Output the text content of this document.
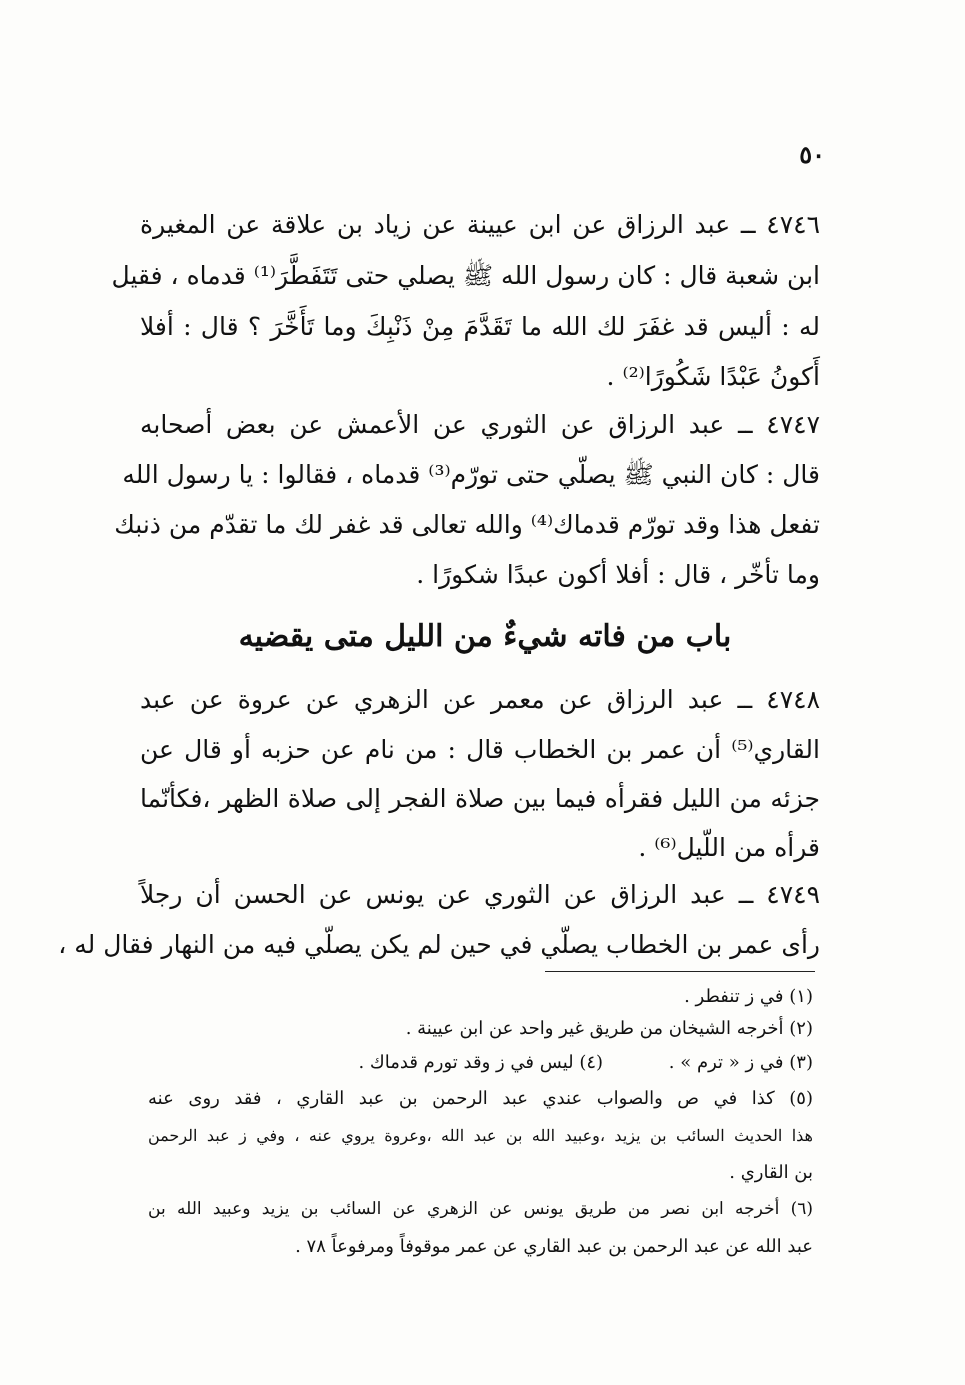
٥٠
٤٧٤٦ ــ عبد الرزاق عن ابن عيينة عن زياد بن علاقة عن المغيرة
ابن شعبة قال : كان رسول الله ﷺ يصلي حتى تَتَفَطَّرَ⁽¹⁾ قدماه ، فقيل
له : أليس قد غفَرَ لك الله ما تَقَدَّمَ مِنْ ذَنْبِكَ وما تَأَخَّرَ ؟ قال : أفلا
أَكونُ عَبْدًا شَكُورًا⁽²⁾ .
٤٧٤٧ ــ عبد الرزاق عن الثوري عن الأعمش عن بعض أصحابه
قال : كان النبي ﷺ يصلّي حتى تورّم⁽³⁾ قدماه ، فقالوا : يا رسول الله
تفعل هذا وقد تورّم قدماك⁽⁴⁾ والله تعالى قد غفر لك ما تقدّم من ذنبك
وما تأخّر ، قال : أفلا أكون عبدًا شكورًا .
باب من فاته شيءٌ من الليل متى يقضيه
٤٧٤٨ ــ عبد الرزاق عن معمر عن الزهري عن عروة عن عبد
القاري⁽⁵⁾ أن عمر بن الخطاب قال : من نام عن حزبه أو قال عن
جزئه من الليل فقرأه فيما بين صلاة الفجر إلى صلاة الظهر ،فكأنّما
قرأه من اللّيل⁽⁶⁾ .
٤٧٤٩ ــ عبد الرزاق عن الثوري عن يونس عن الحسن أن رجلاً
رأى عمر بن الخطاب يصلّي في حين لم يكن يصلّي فيه من النهار فقال له ،
(١) في ز تنفطر .
(٢) أخرجه الشيخان من طريق غير واحد عن ابن عيينة .
(٣) في ز « ترم » . (٤) ليس في ز وقد تورم قدماك .
(٥) كذا في ص والصواب عندي عبد الرحمن بن عبد القاري ، فقد روى عنه
هذا الحديث السائب بن يزيد ،وعبيد الله بن عبد الله ،وعروة يروي عنه ، وفي ز عبد الرحمن
بن القاري .
(٦) أخرجه ابن نصر من طريق يونس عن الزهري عن السائب بن يزيد وعبيد الله بن
عبد الله عن عبد الرحمن بن عبد القاري عن عمر موقوفاً ومرفوعاً ٧٨ .
